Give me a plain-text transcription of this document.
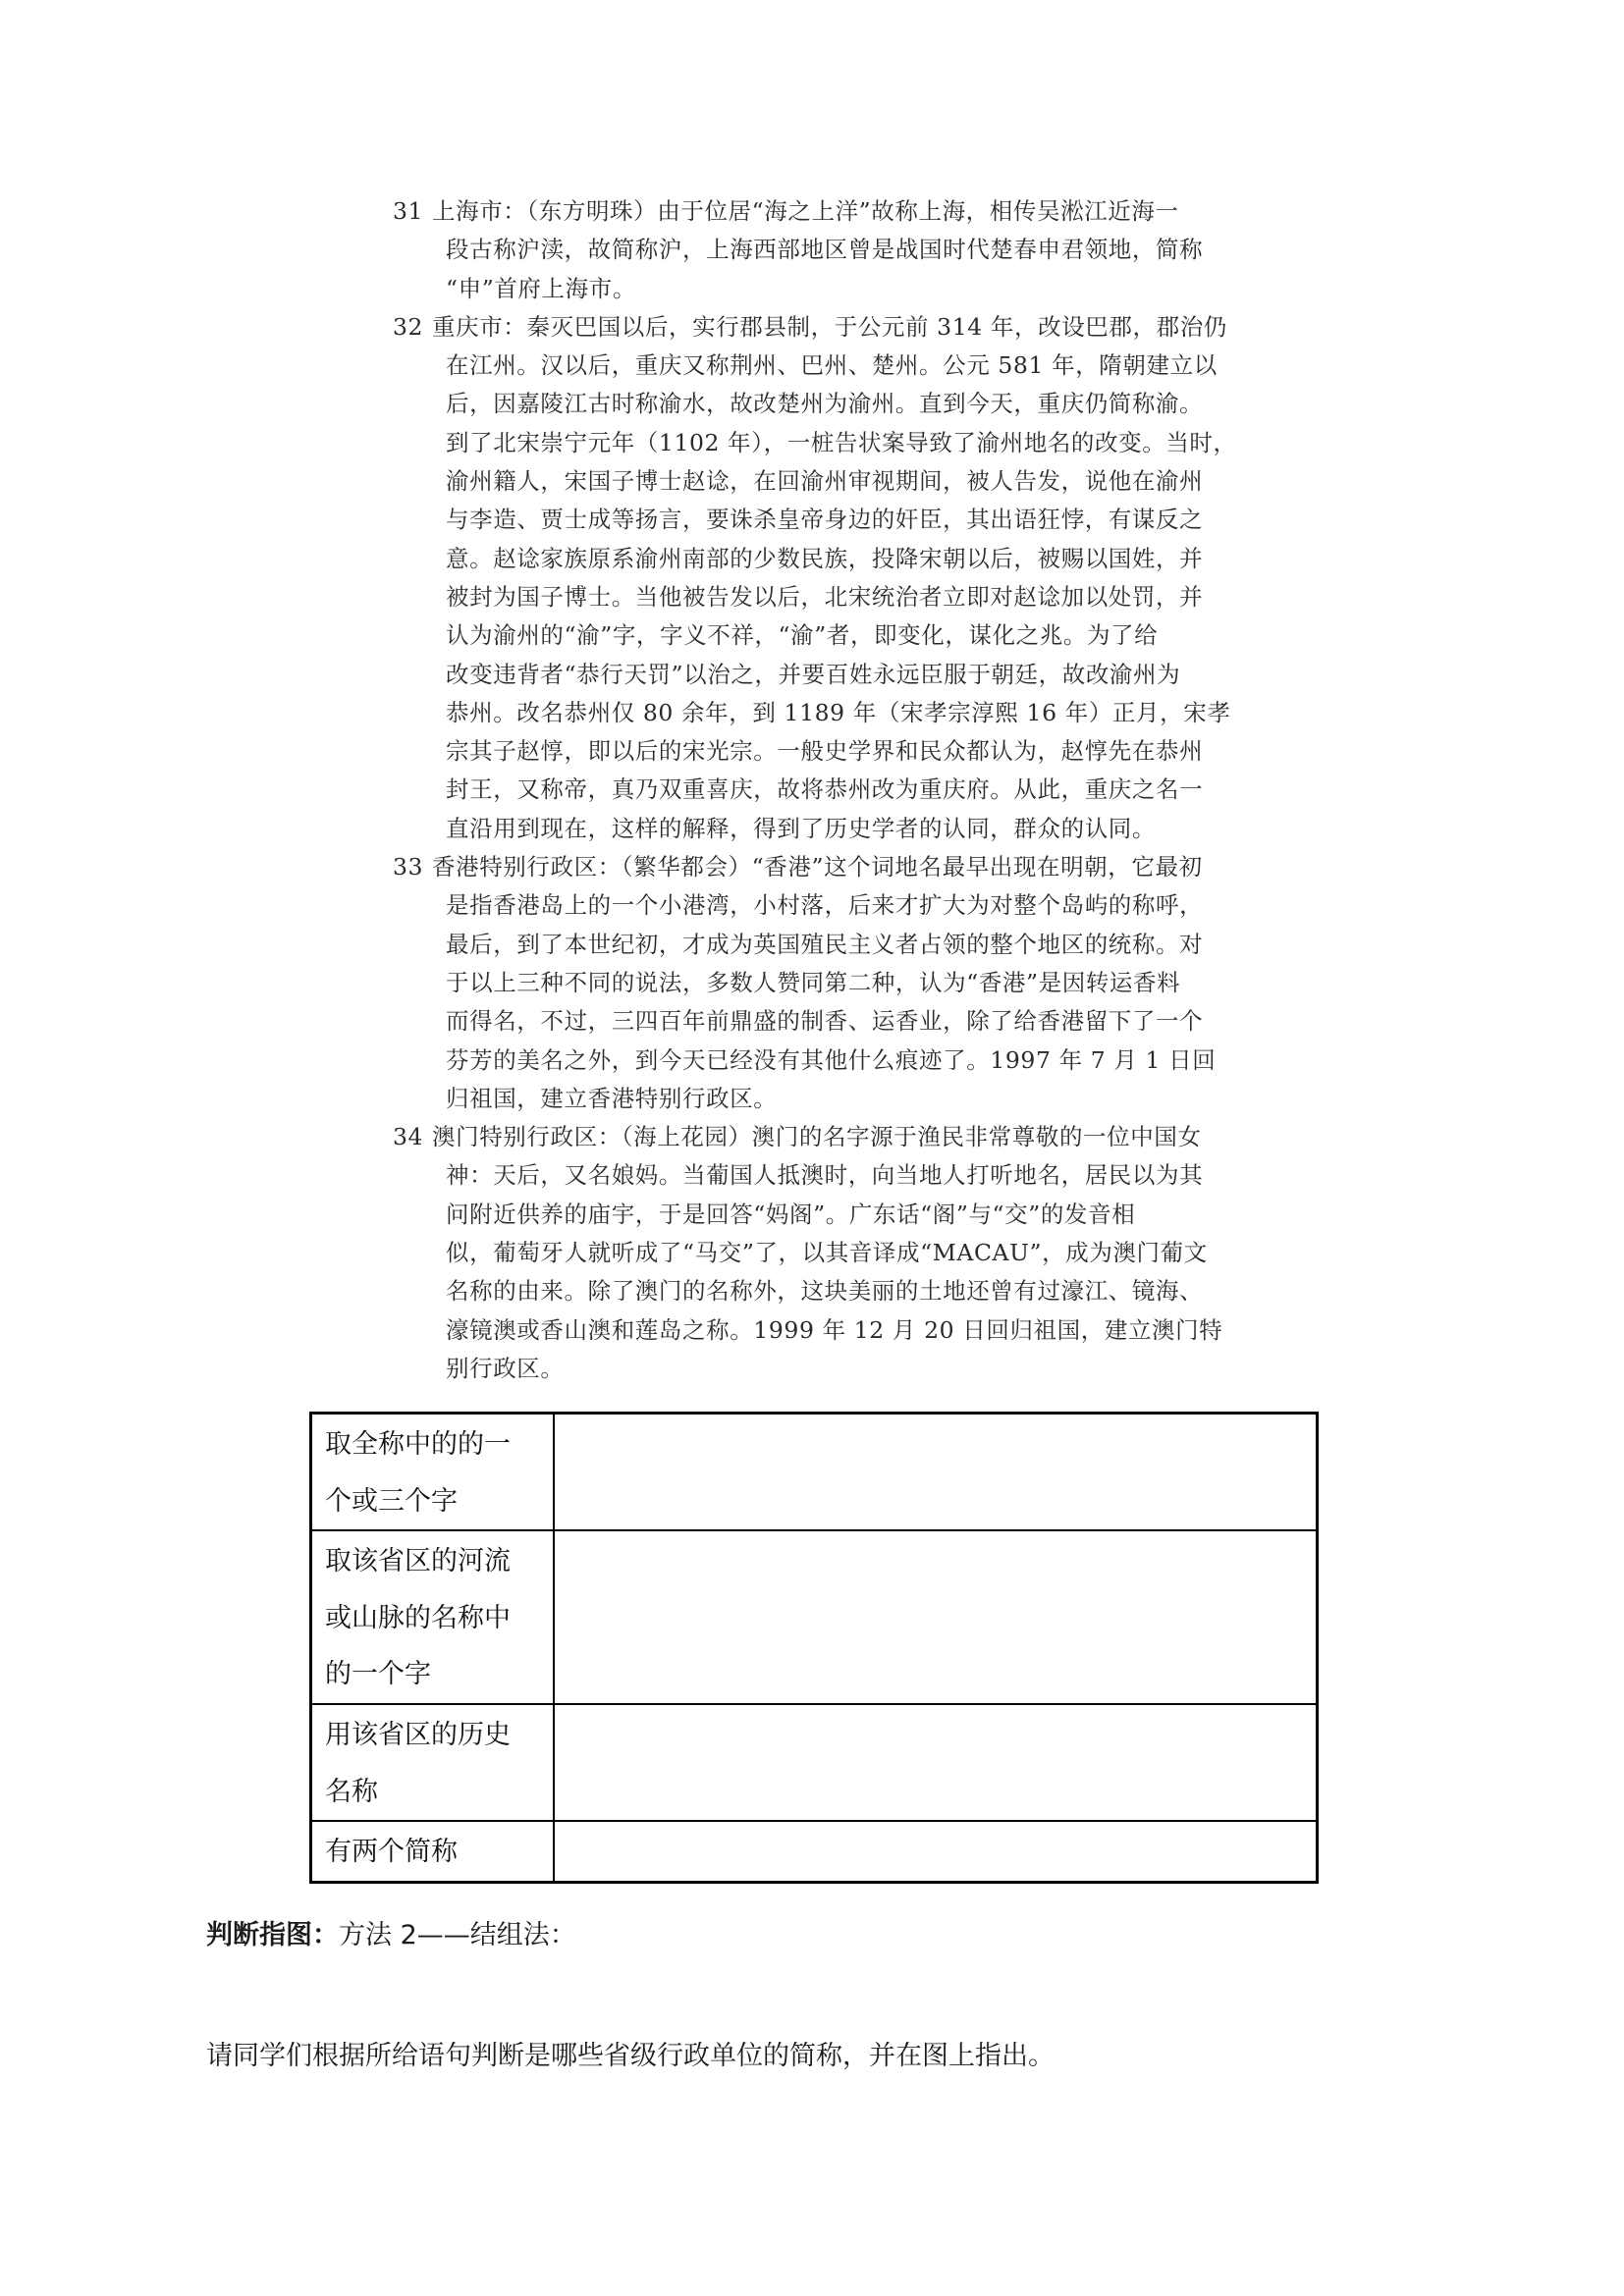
31 上海市：（东方明珠）由于位居“海之上洋”故称上海，相传吴淞江近海一
段古称沪渎，故简称沪，上海西部地区曾是战国时代楚春申君领地，简称
“申”首府上海市。
32 重庆市：秦灭巴国以后，实行郡县制，于公元前 314 年，改设巴郡，郡治仍
在江州。汉以后，重庆又称荆州、巴州、楚州。公元 581 年，隋朝建立以
后，因嘉陵江古时称渝水，故改楚州为渝州。直到今天，重庆仍简称渝。
到了北宋崇宁元年（1102 年），一桩告状案导致了渝州地名的改变。当时，
渝州籍人，宋国子博士赵谂，在回渝州审视期间，被人告发，说他在渝州
与李造、贾士成等扬言，要诛杀皇帝身边的奸臣，其出语狂悖，有谋反之
意。赵谂家族原系渝州南部的少数民族，投降宋朝以后，被赐以国姓，并
被封为国子博士。当他被告发以后，北宋统治者立即对赵谂加以处罚，并
认为渝州的“渝”字，字义不祥，“渝”者，即变化，谋化之兆。为了给
改变违背者“恭行天罚”以治之，并要百姓永远臣服于朝廷，故改渝州为
恭州。改名恭州仅 80 余年，到 1189 年（宋孝宗淳熙 16 年）正月，宋孝
宗其子赵惇，即以后的宋光宗。一般史学界和民众都认为，赵惇先在恭州
封王，又称帝，真乃双重喜庆，故将恭州改为重庆府。从此，重庆之名一
直沿用到现在，这样的解释，得到了历史学者的认同，群众的认同。
33 香港特别行政区：（繁华都会）“香港”这个词地名最早出现在明朝，它最初
是指香港岛上的一个小港湾，小村落，后来才扩大为对整个岛屿的称呼，
最后，到了本世纪初，才成为英国殖民主义者占领的整个地区的统称。对
于以上三种不同的说法，多数人赞同第二种，认为“香港”是因转运香料
而得名，不过，三四百年前鼎盛的制香、运香业，除了给香港留下了一个
芬芳的美名之外，到今天已经没有其他什么痕迹了。1997 年 7 月 1 日回
归祖国，建立香港特别行政区。
34 澳门特别行政区：（海上花园）澳门的名字源于渔民非常尊敬的一位中国女
神：天后，又名娘妈。当葡国人抵澳时，向当地人打听地名，居民以为其
问附近供养的庙宇，于是回答“妈阁”。广东话“阁”与“交”的发音相
似，葡萄牙人就听成了“马交”了，以其音译成“MACAU”，成为澳门葡文
名称的由来。除了澳门的名称外，这块美丽的土地还曾有过濠江、镜海、
濠镜澳或香山澳和莲岛之称。1999 年 12 月 20 日回归祖国，建立澳门特
别行政区。
取全称中的的一
个或三个字	

取该省区的河流
或山脉的名称中
的一个字	

用该省区的历史
名称	

有两个简称	

判断指图：方法 2——结组法：
请同学们根据所给语句判断是哪些省级行政单位的简称，并在图上指出。
